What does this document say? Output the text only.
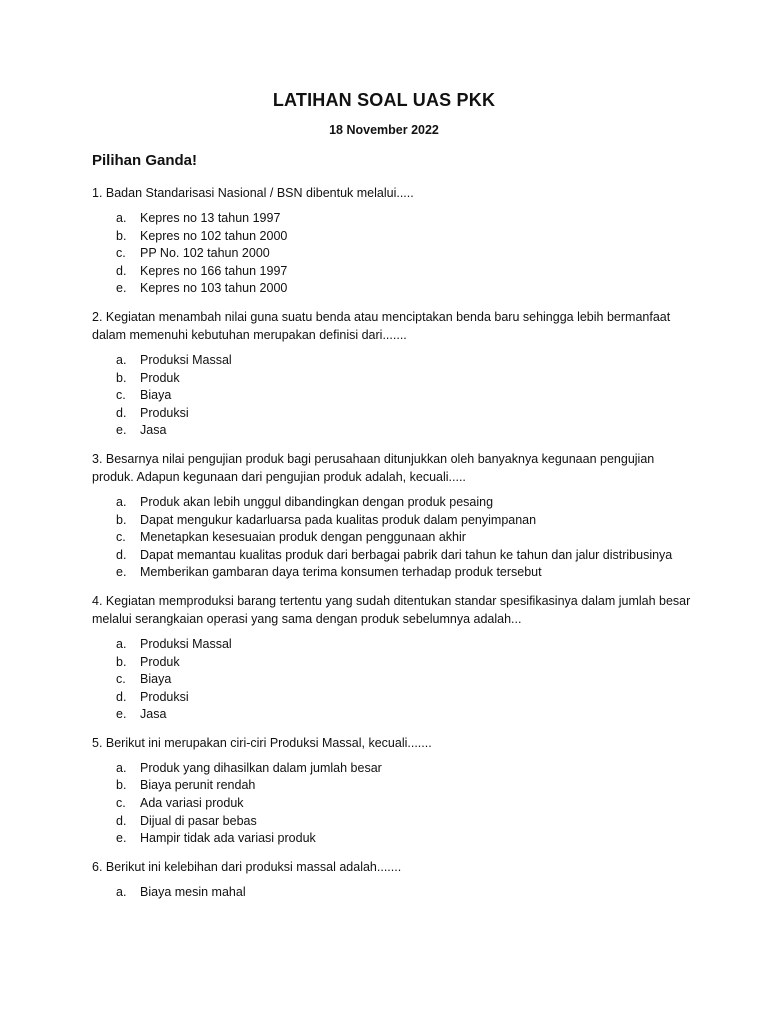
LATIHAN SOAL UAS PKK
18 November 2022
Pilihan Ganda!
1. Badan Standarisasi Nasional / BSN dibentuk melalui.....
a.	Kepres no 13 tahun 1997
b.	Kepres no 102 tahun 2000
c.	PP No. 102 tahun 2000
d.	Kepres no 166 tahun 1997
e.	Kepres no 103 tahun 2000
2. Kegiatan menambah nilai guna suatu benda atau menciptakan benda baru sehingga lebih bermanfaat dalam memenuhi kebutuhan merupakan definisi dari.......
a.	Produksi Massal
b.	Produk
c.	Biaya
d.	Produksi
e.	Jasa
3. Besarnya nilai pengujian produk bagi perusahaan ditunjukkan oleh banyaknya kegunaan pengujian produk. Adapun kegunaan dari pengujian produk adalah, kecuali.....
a.	Produk akan lebih unggul dibandingkan dengan produk pesaing
b.	Dapat mengukur kadarluarsa pada kualitas produk dalam penyimpanan
c.	Menetapkan kesesuaian produk dengan penggunaan akhir
d.	Dapat memantau kualitas produk dari berbagai pabrik dari tahun ke tahun dan jalur distribusinya
e.	Memberikan gambaran daya terima konsumen terhadap produk tersebut
4. Kegiatan memproduksi barang tertentu yang sudah ditentukan standar spesifikasinya dalam jumlah besar melalui serangkaian operasi yang sama dengan produk sebelumnya adalah...
a.	Produksi Massal
b.	Produk
c.	Biaya
d.	Produksi
e.	Jasa
5. Berikut ini merupakan ciri-ciri Produksi Massal, kecuali.......
a.	Produk yang dihasilkan dalam jumlah besar
b.	Biaya perunit rendah
c.	Ada variasi produk
d.	Dijual di pasar bebas
e.	Hampir tidak ada variasi produk
6. Berikut ini kelebihan dari produksi massal adalah.......
a.	Biaya mesin mahal
